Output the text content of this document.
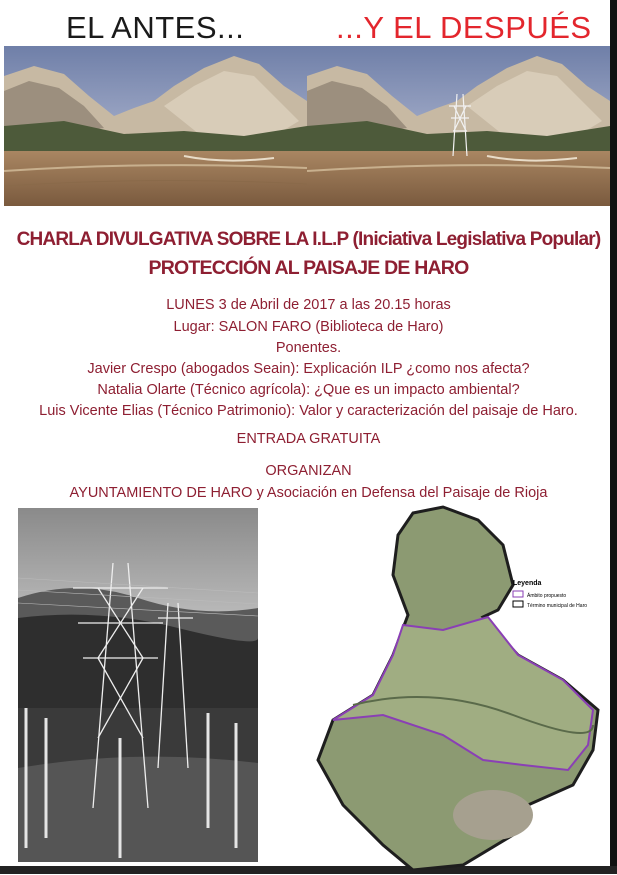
EL ANTES...	...Y EL DESPUÉS
CHARLA DIVULGATIVA SOBRE LA I.L.P (Iniciativa Legislativa Popular)
PROTECCIÓN AL PAISAJE DE HARO
LUNES 3 de Abril de 2017 a las 20.15 horas
Lugar: SALON FARO (Biblioteca de Haro)
Ponentes.
Javier Crespo (abogados Seain): Explicación ILP ¿como nos afecta?
Natalia Olarte (Técnico agrícola): ¿Que es un impacto ambiental?
Luis Vicente Elias (Técnico Patrimonio): Valor y caracterización del paisaje de Haro.
ENTRADA GRATUITA
ORGANIZAN
AYUNTAMIENTO DE HARO y Asociación en Defensa del Paisaje de Rioja
Leyenda
Ámbito propuesto
Término municipal de Haro
